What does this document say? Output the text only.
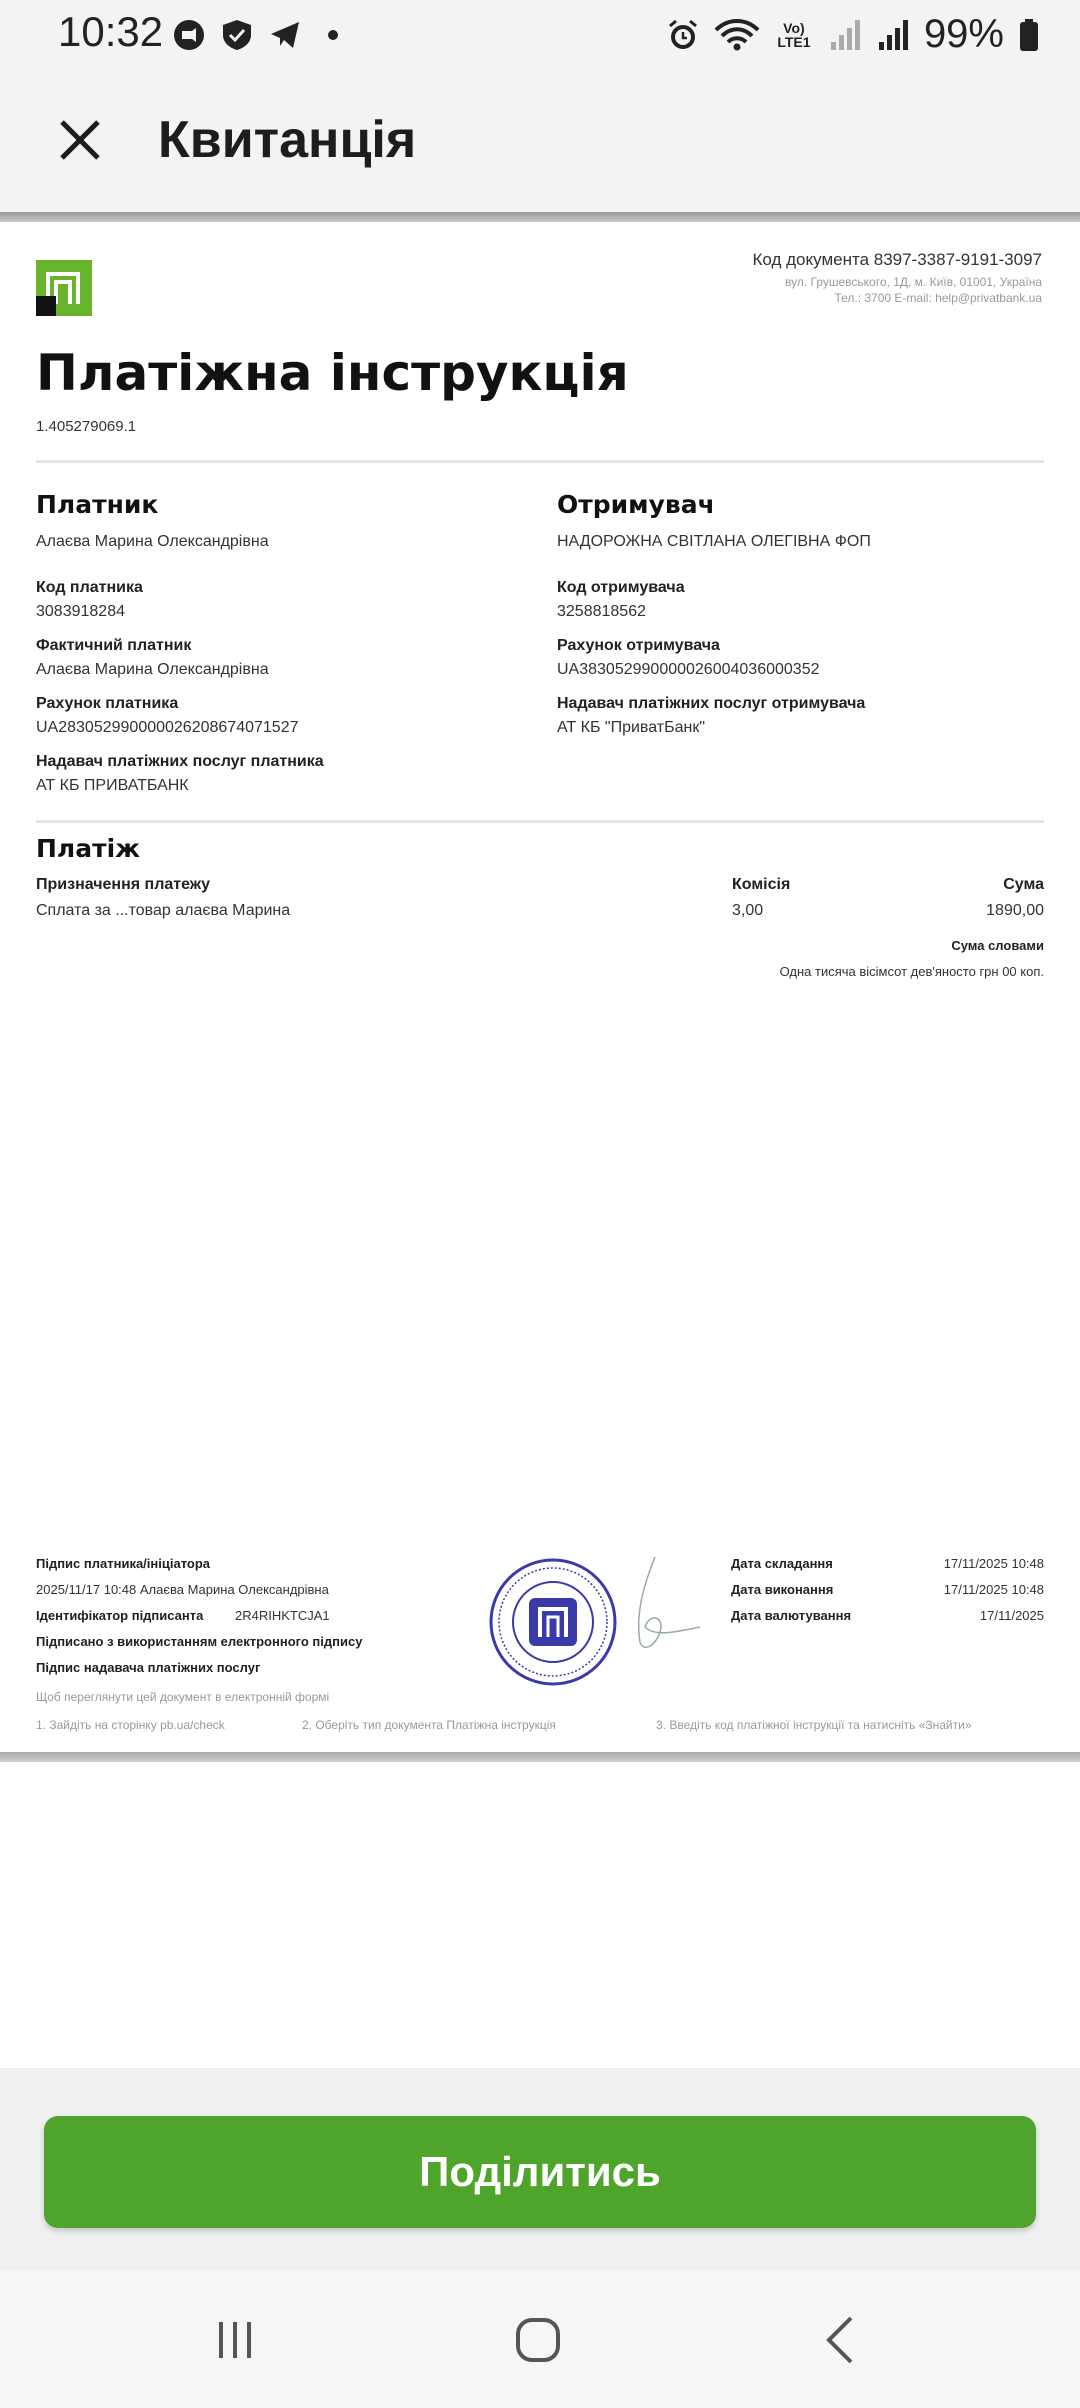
10:32	Vo)
LTE1	99%
Квитанція
Код документа 8397-3387-9191-3097
вул. Грушевського, 1Д, м. Київ, 01001, Україна
Тел.: 3700 E-mail: help@privatbank.ua
Платіжна інструкція
1.405279069.1
Платник
Алаєва Марина Олександрівна
Код платника
3083918284
Фактичний платник
Алаєва Марина Олександрівна
Рахунок платника
UA283052990000026208674071527
Надавач платіжних послуг платника
АТ КБ ПРИВАТБАНК
Отримувач
НАДОРОЖНА СВІТЛАНА ОЛЕГІВНА ФОП
Код отримувача
3258818562
Рахунок отримувача
UA383052990000026004036000352
Надавач платіжних послуг отримувача
АТ КБ "ПриватБанк"
Платіж
Призначення платежу
Сплата за ...товар алаєва Марина
Комісія
3,00
Сума
1890,00
Сума словами
Одна тисяча вісімсот дев'яносто грн 00 коп.
Підпис платника/ініціатора
2025/11/17 10:48 Алаєва Марина Олександрівна
Ідентифікатор підписанта 2R4RIHKTCJA1
Підписано з використанням електронного підпису
Підпис надавача платіжних послуг
Щоб переглянути цей документ в електронній формі
1. Зайдіть на сторінку pb.ua/check	2. Оберіть тип документа Платіжна інструкція	3. Введіть код платіжної інструкції та натисніть «Знайти»
Дата складання	17/11/2025 10:48
Дата виконання	17/11/2025 10:48
Дата валютування	17/11/2025
Поділитись
